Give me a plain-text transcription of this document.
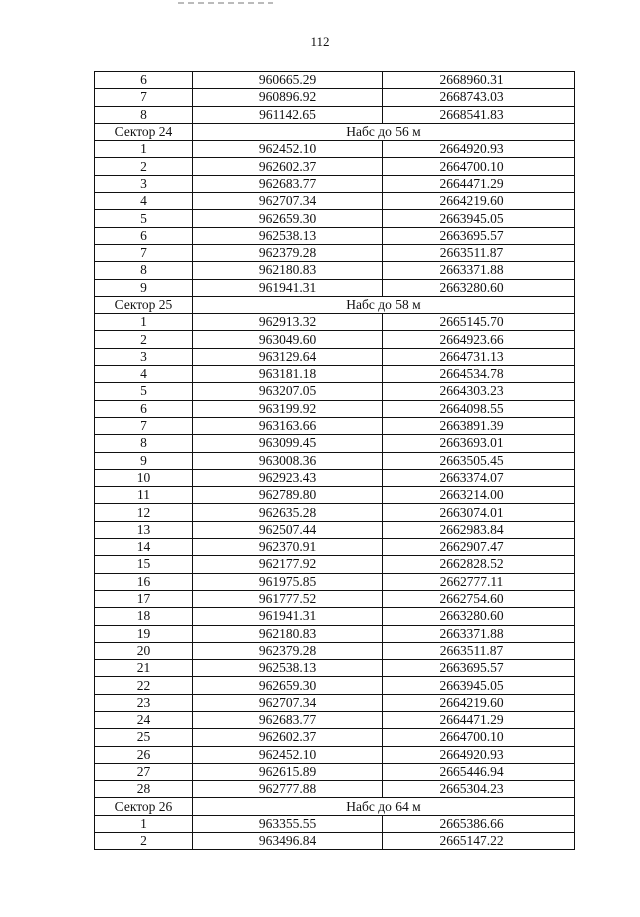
112
6	960665.29	2668960.31
7	960896.92	2668743.03
8	961142.65	2668541.83
Сектор 24	Набс до 56 м	
1	962452.10	2664920.93
2	962602.37	2664700.10
3	962683.77	2664471.29
4	962707.34	2664219.60
5	962659.30	2663945.05
6	962538.13	2663695.57
7	962379.28	2663511.87
8	962180.83	2663371.88
9	961941.31	2663280.60
Сектор 25	Набс до 58 м	
1	962913.32	2665145.70
2	963049.60	2664923.66
3	963129.64	2664731.13
4	963181.18	2664534.78
5	963207.05	2664303.23
6	963199.92	2664098.55
7	963163.66	2663891.39
8	963099.45	2663693.01
9	963008.36	2663505.45
10	962923.43	2663374.07
11	962789.80	2663214.00
12	962635.28	2663074.01
13	962507.44	2662983.84
14	962370.91	2662907.47
15	962177.92	2662828.52
16	961975.85	2662777.11
17	961777.52	2662754.60
18	961941.31	2663280.60
19	962180.83	2663371.88
20	962379.28	2663511.87
21	962538.13	2663695.57
22	962659.30	2663945.05
23	962707.34	2664219.60
24	962683.77	2664471.29
25	962602.37	2664700.10
26	962452.10	2664920.93
27	962615.89	2665446.94
28	962777.88	2665304.23
Сектор 26	Набс до 64 м	
1	963355.55	2665386.66
2	963496.84	2665147.22
